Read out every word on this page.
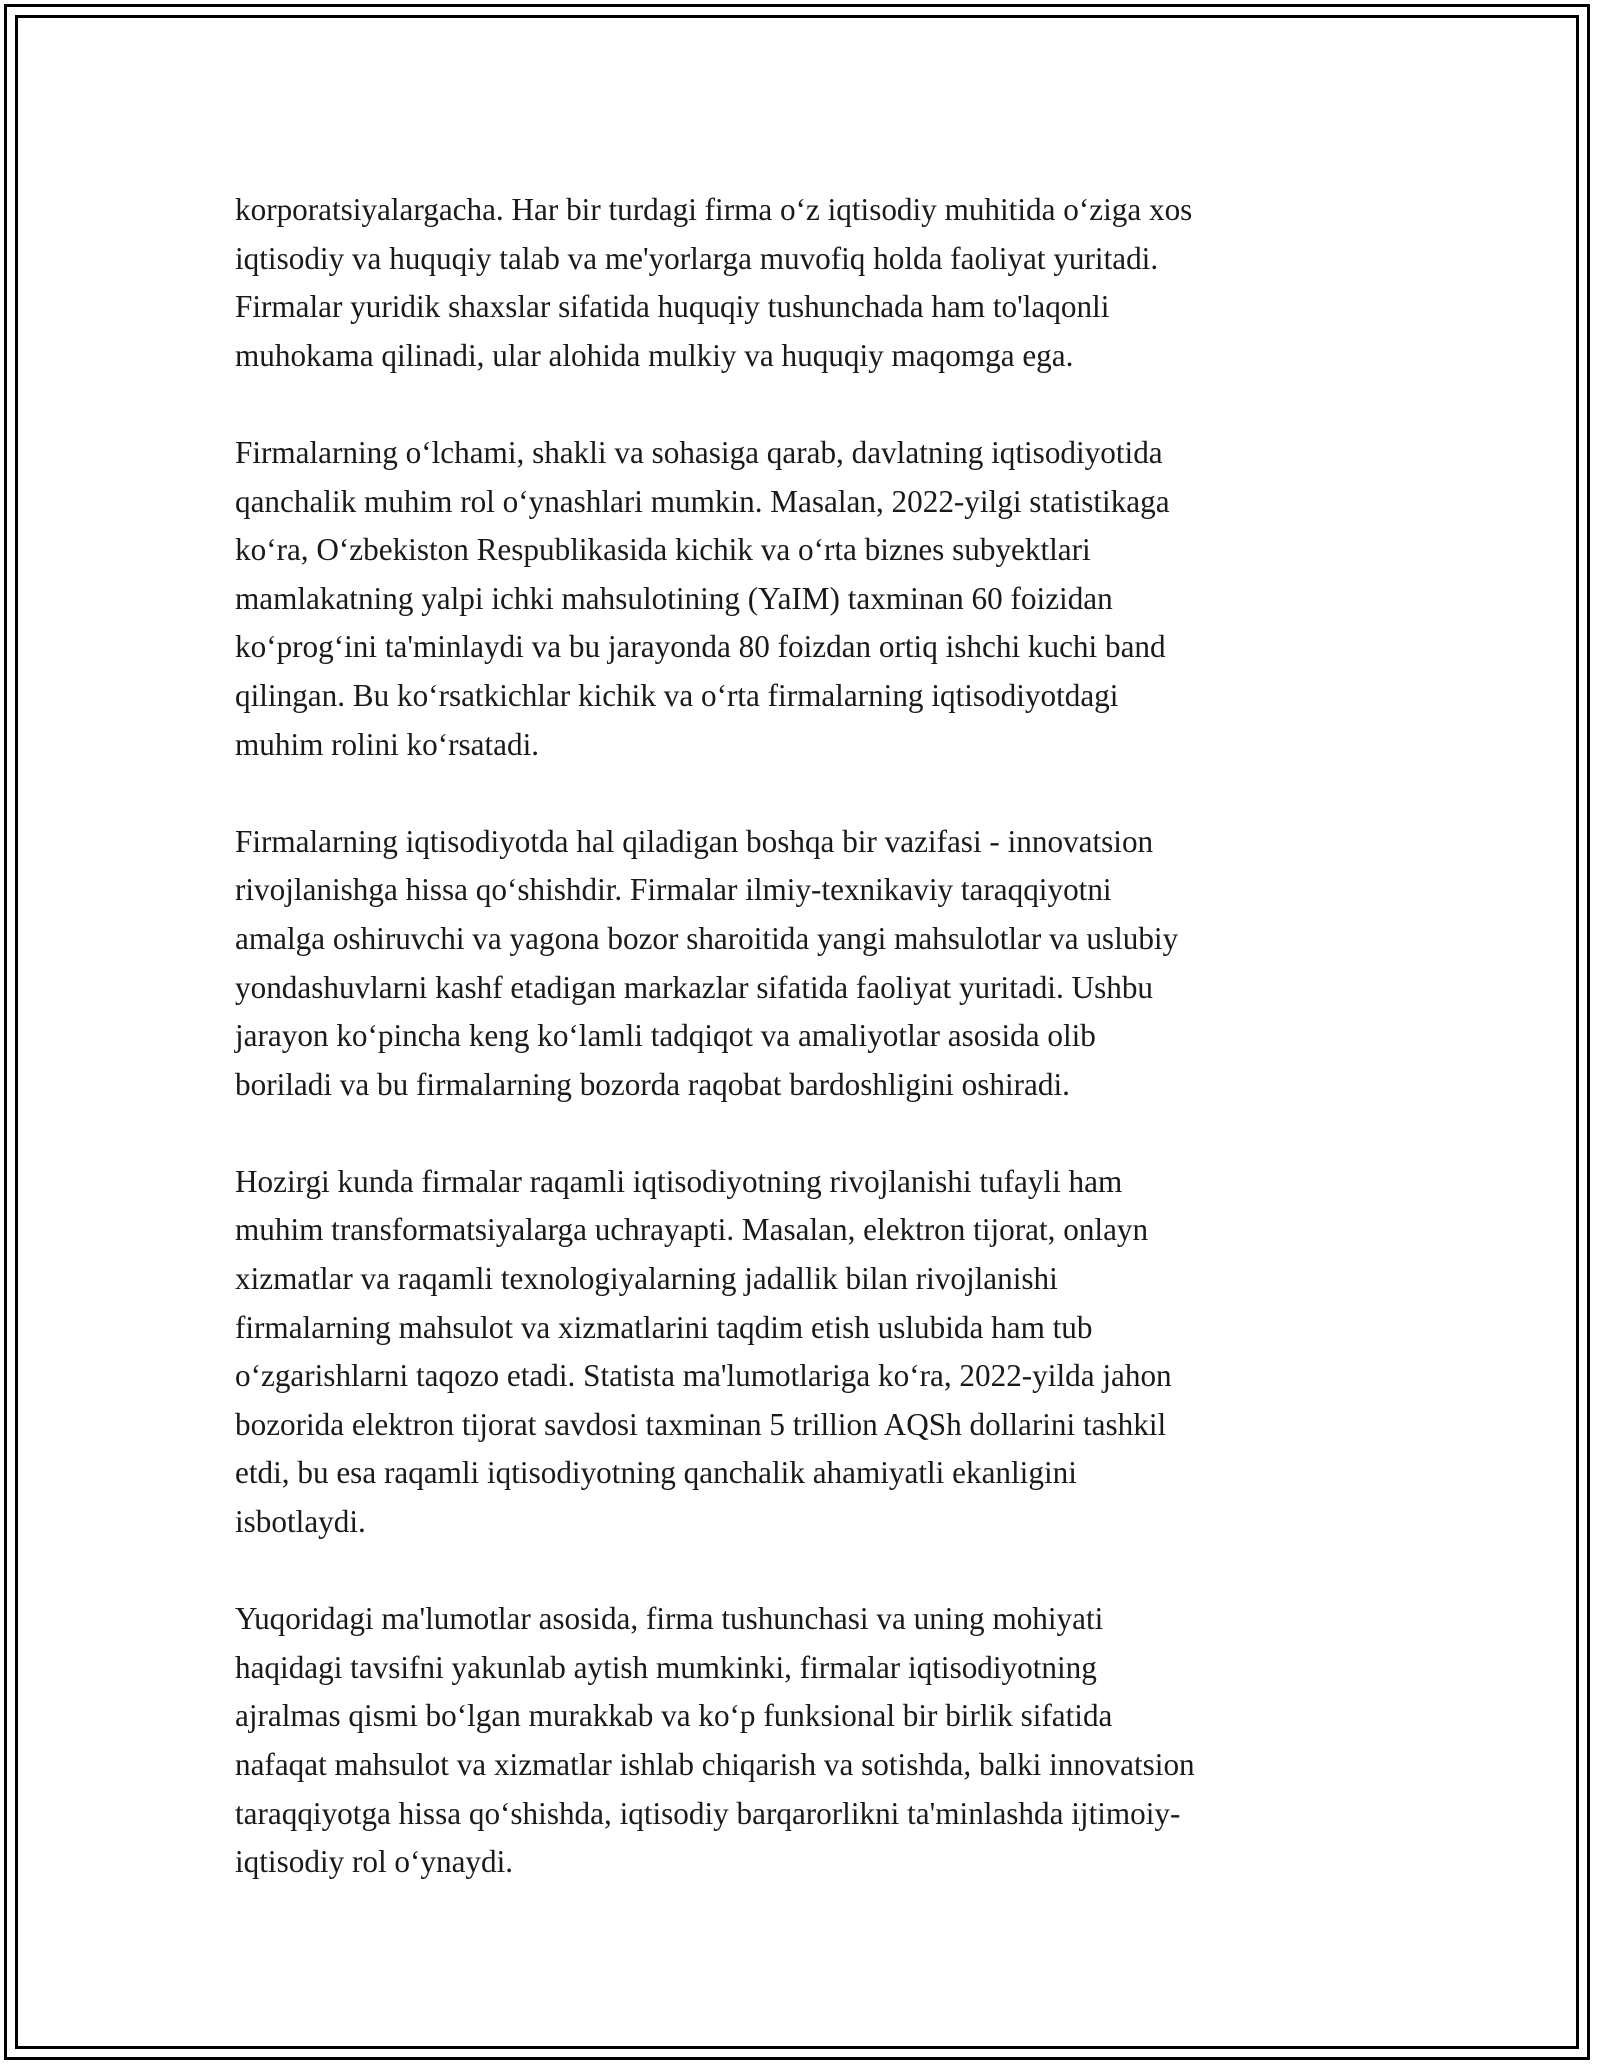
korporatsiyalargacha. Har bir turdagi firma oʻz iqtisodiy muhitida oʻziga xos
iqtisodiy va huquqiy talab va me'yorlarga muvofiq holda faoliyat yuritadi.
Firmalar yuridik shaxslar sifatida huquqiy tushunchada ham to'laqonli
muhokama qilinadi, ular alohida mulkiy va huquqiy maqomga ega.

Firmalarning oʻlchami, shakli va sohasiga qarab, davlatning iqtisodiyotida
qanchalik muhim rol oʻynashlari mumkin. Masalan, 2022-yilgi statistikaga
koʻra, Oʻzbekiston Respublikasida kichik va oʻrta biznes subyektlari
mamlakatning yalpi ichki mahsulotining (YaIM) taxminan 60 foizidan
koʻprogʻini ta'minlaydi va bu jarayonda 80 foizdan ortiq ishchi kuchi band
qilingan. Bu koʻrsatkichlar kichik va oʻrta firmalarning iqtisodiyotdagi
muhim rolini koʻrsatadi.

Firmalarning iqtisodiyotda hal qiladigan boshqa bir vazifasi - innovatsion
rivojlanishga hissa qoʻshishdir. Firmalar ilmiy-texnikaviy taraqqiyotni
amalga oshiruvchi va yagona bozor sharoitida yangi mahsulotlar va uslubiy
yondashuvlarni kashf etadigan markazlar sifatida faoliyat yuritadi. Ushbu
jarayon koʻpincha keng koʻlamli tadqiqot va amaliyotlar asosida olib
boriladi va bu firmalarning bozorda raqobat bardoshligini oshiradi.

Hozirgi kunda firmalar raqamli iqtisodiyotning rivojlanishi tufayli ham
muhim transformatsiyalarga uchrayapti. Masalan, elektron tijorat, onlayn
xizmatlar va raqamli texnologiyalarning jadallik bilan rivojlanishi
firmalarning mahsulot va xizmatlarini taqdim etish uslubida ham tub
oʻzgarishlarni taqozo etadi. Statista ma'lumotlariga koʻra, 2022-yilda jahon
bozorida elektron tijorat savdosi taxminan 5 trillion AQSh dollarini tashkil
etdi, bu esa raqamli iqtisodiyotning qanchalik ahamiyatli ekanligini
isbotlaydi.

Yuqoridagi ma'lumotlar asosida, firma tushunchasi va uning mohiyati
haqidagi tavsifni yakunlab aytish mumkinki, firmalar iqtisodiyotning
ajralmas qismi boʻlgan murakkab va koʻp funksional bir birlik sifatida
nafaqat mahsulot va xizmatlar ishlab chiqarish va sotishda, balki innovatsion
taraqqiyotga hissa qoʻshishda, iqtisodiy barqarorlikni ta'minlashda ijtimoiy-
iqtisodiy rol oʻynaydi.
